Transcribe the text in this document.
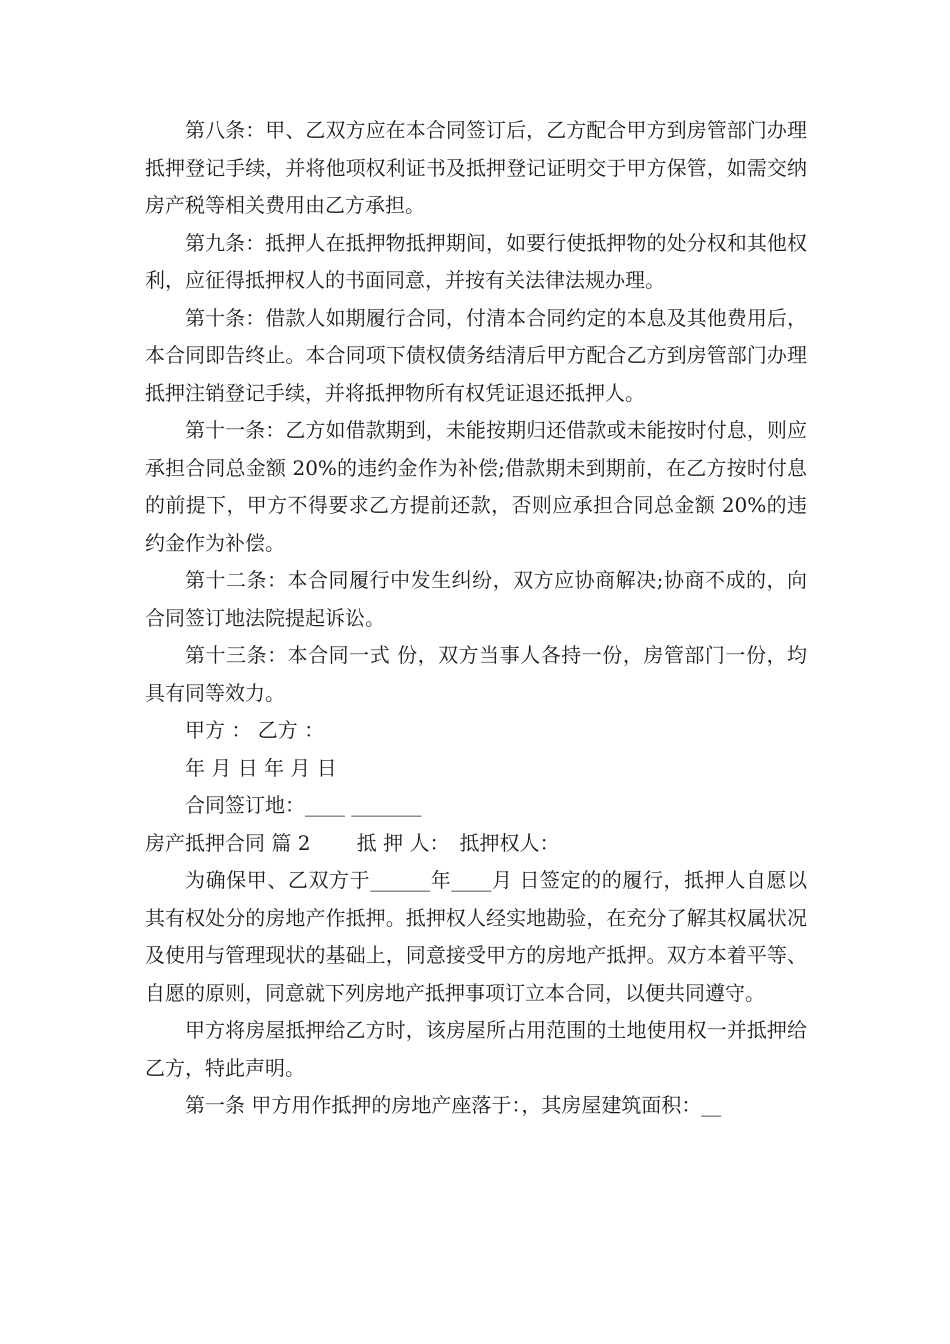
第八条：甲、乙双方应在本合同签订后，乙方配合甲方到房管部门办理抵押登记手续，并将他项权利证书及抵押登记证明交于甲方保管，如需交纳房产税等相关费用由乙方承担。

第九条：抵押人在抵押物抵押期间，如要行使抵押物的处分权和其他权利，应征得抵押权人的书面同意，并按有关法律法规办理。

第十条：借款人如期履行合同，付清本合同约定的本息及其他费用后，本合同即告终止。本合同项下债权债务结清后甲方配合乙方到房管部门办理抵押注销登记手续，并将抵押物所有权凭证退还抵押人。

第十一条：乙方如借款期到，未能按期归还借款或未能按时付息，则应承担合同总金额 20%的违约金作为补偿;借款期未到期前，在乙方按时付息的前提下，甲方不得要求乙方提前还款，否则应承担合同总金额 20%的违约金作为补偿。

第十二条：本合同履行中发生纠纷，双方应协商解决;协商不成的，向合同签订地法院提起诉讼。

第十三条：本合同一式 份，双方当事人各持一份，房管部门一份，均具有同等效力。

甲方 ： 乙方 ：

年 月 日 年 月 日

合同签订地：____ _______

房产抵押合同 篇 2　　 抵 押 人：　抵押权人：

为确保甲、乙双方于______年____月 日签定的的履行，抵押人自愿以其有权处分的房地产作抵押。抵押权人经实地勘验，在充分了解其权属状况及使用与管理现状的基础上，同意接受甲方的房地产抵押。双方本着平等、自愿的原则，同意就下列房地产抵押事项订立本合同，以便共同遵守。

甲方将房屋抵押给乙方时，该房屋所占用范围的土地使用权一并抵押给乙方，特此声明。

第一条 甲方用作抵押的房地产座落于：，其房屋建筑面积：__
